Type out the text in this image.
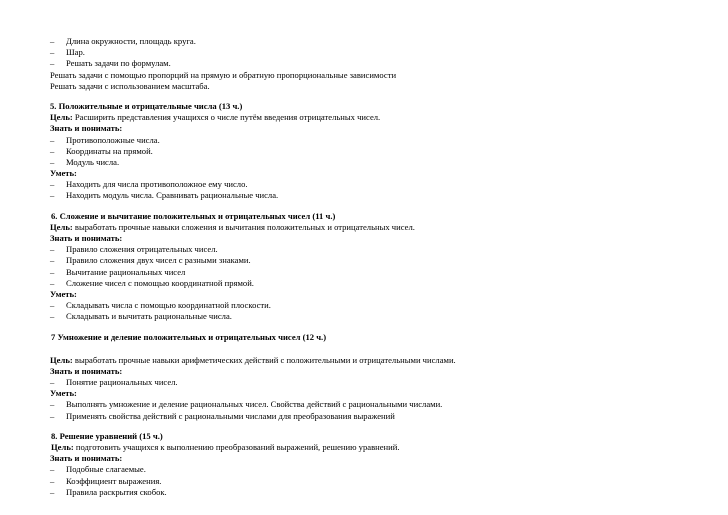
–	Длина окружности, площадь круга.
–	Шар.
–	Решать задачи по формулам.
Решать задачи с помощью пропорций на прямую и обратную пропорциональные зависимости
Решать задачи с использованием масштаба.
5. Положительные и отрицательные числа (13 ч.)
Цель: Расширить представления учащихся о числе путём введения отрицательных чисел.
Знать и понимать:
–	Противоположные числа.
–	Координаты на прямой.
–	Модуль числа.
Уметь:
–	Находить для числа противоположное ему число.
–	Находить модуль числа. Сравнивать рациональные числа.
6. Сложение и вычитание положительных и отрицательных чисел (11 ч.)
Цель: выработать прочные навыки сложения и вычитания положительных и отрицательных чисел.
Знать и понимать:
–	Правило сложения отрицательных чисел.
–	Правило сложения двух чисел с разными знаками.
–	Вычитание рациональных чисел
–	Сложение чисел с помощью координатной прямой.
Уметь:
–	Складывать числа с помощью координатной плоскости.
–	Складывать и вычитать рациональные числа.
7 Умножение и деление положительных и отрицательных чисел (12 ч.)
Цель: выработать прочные навыки арифметических действий с положительными и отрицательными числами.
Знать и понимать:
–	Понятие рациональных чисел.
Уметь:
–	Выполнять умножение и деление рациональных чисел. Свойства действий с рациональными числами.
–	Применять свойства действий с рациональными числами для преобразования выражений
8. Решение уравнений (15 ч.)
Цель: подготовить учащихся к выполнению преобразований выражений, решению уравнений.
Знать и понимать:
–	Подобные слагаемые.
–	Коэффициент выражения.
–	Правила раскрытия скобок.
